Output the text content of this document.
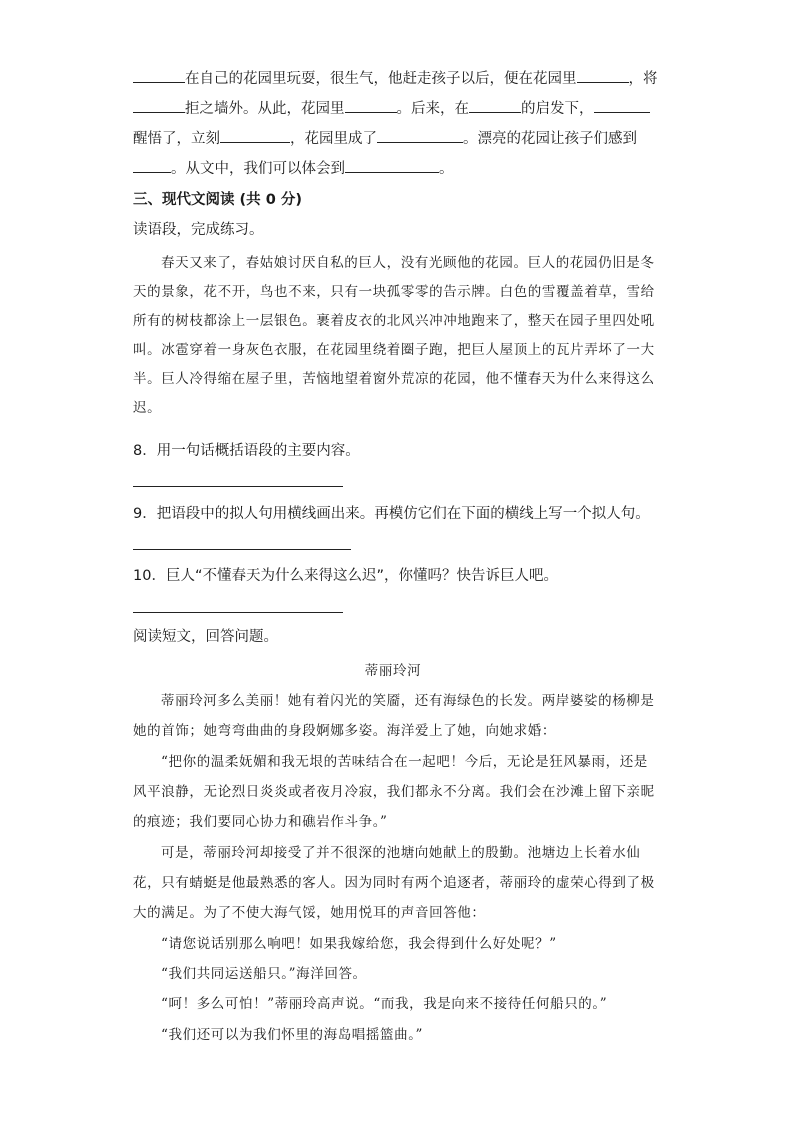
在自己的花园里玩耍，很生气，他赶走孩子以后，便在花园里	，将
拒之墙外。从此，花园里	。后来，在	的启发下，
醒悟了，立刻	，花园里成了	。漂亮的花园让孩子们感到
。从文中，我们可以体会到	。
三、现代文阅读 (共 0 分)
读语段，完成练习。
春天又来了，春姑娘讨厌自私的巨人，没有光顾他的花园。巨人的花园仍旧是冬
天的景象，花不开，鸟也不来，只有一块孤零零的告示牌。白色的雪覆盖着草，雪给
所有的树枝都涂上一层银色。裹着皮衣的北风兴冲冲地跑来了，整天在园子里四处吼
叫。冰雹穿着一身灰色衣服，在花园里绕着圈子跑，把巨人屋顶上的瓦片弄坏了一大
半。巨人冷得缩在屋子里，苦恼地望着窗外荒凉的花园，他不懂春天为什么来得这么
迟。
8．用一句话概括语段的主要内容。
9．把语段中的拟人句用横线画出来。再模仿它们在下面的横线上写一个拟人句。
10．巨人“不懂春天为什么来得这么迟”，你懂吗？快告诉巨人吧。
阅读短文，回答问题。
蒂丽玲河
蒂丽玲河多么美丽！她有着闪光的笑靥，还有海绿色的长发。两岸婆娑的杨柳是
她的首饰；她弯弯曲曲的身段婀娜多姿。海洋爱上了她，向她求婚：
“把你的温柔妩媚和我无垠的苦味结合在一起吧！今后，无论是狂风暴雨，还是
风平浪静，无论烈日炎炎或者夜月冷寂，我们都永不分离。我们会在沙滩上留下亲昵
的痕迹；我们要同心协力和礁岩作斗争。”
可是，蒂丽玲河却接受了并不很深的池塘向她献上的殷勤。池塘边上长着水仙
花，只有蜻蜓是他最熟悉的客人。因为同时有两个追逐者，蒂丽玲的虚荣心得到了极
大的满足。为了不使大海气馁，她用悦耳的声音回答他：
“请您说话别那么响吧！如果我嫁给您，我会得到什么好处呢？”
“我们共同运送船只。”海洋回答。
“呵！多么可怕！”蒂丽玲高声说。“而我，我是向来不接待任何船只的。”
“我们还可以为我们怀里的海岛唱摇篮曲。”
